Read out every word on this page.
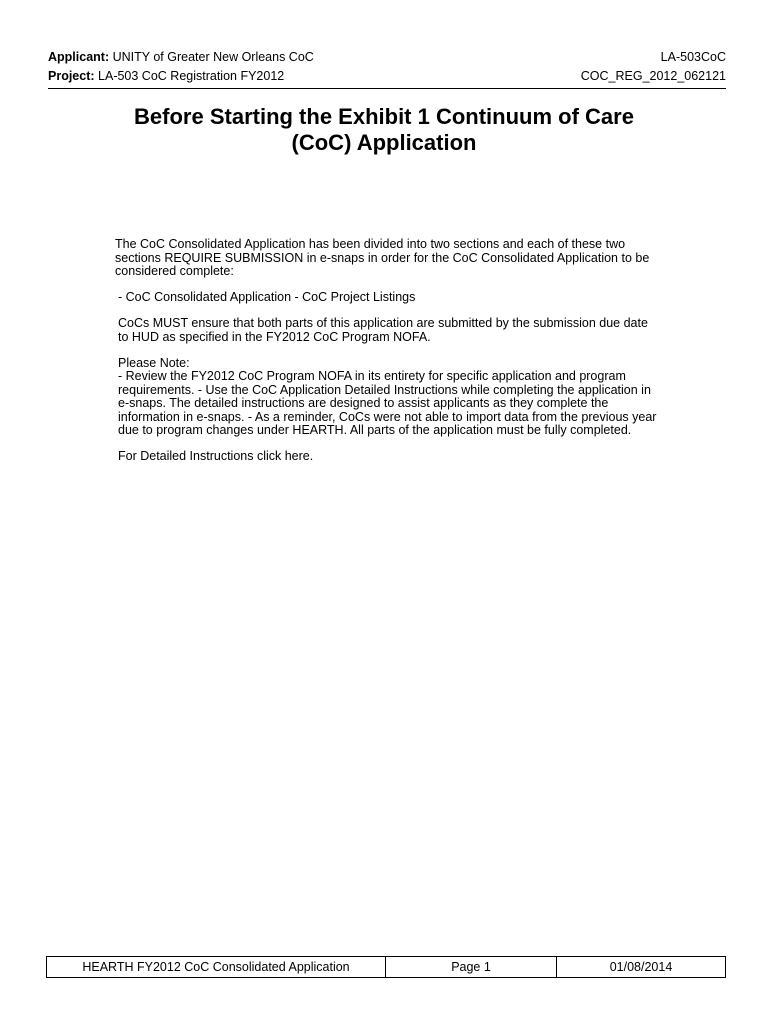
Applicant: UNITY of Greater New Orleans CoC	LA-503CoC
Project: LA-503 CoC Registration FY2012	COC_REG_2012_062121
Before Starting the Exhibit 1 Continuum of Care
(CoC) Application

The CoC Consolidated Application has been divided into two sections and each of these two sections REQUIRE SUBMISSION in e-snaps in order for the CoC Consolidated Application to be considered complete:

- CoC Consolidated Application - CoC Project Listings

CoCs MUST ensure that both parts of this application are submitted by the submission due date to HUD as specified in the FY2012 CoC Program NOFA.

Please Note:
- Review the FY2012 CoC Program NOFA in its entirety for specific application and program requirements. - Use the CoC Application Detailed Instructions while completing the application in e-snaps. The detailed instructions are designed to assist applicants as they complete the information in e-snaps. - As a reminder, CoCs were not able to import data from the previous year due to program changes under HEARTH. All parts of the application must be fully completed.

For Detailed Instructions click here.

HEARTH FY2012 CoC Consolidated Application	Page 1	01/08/2014
